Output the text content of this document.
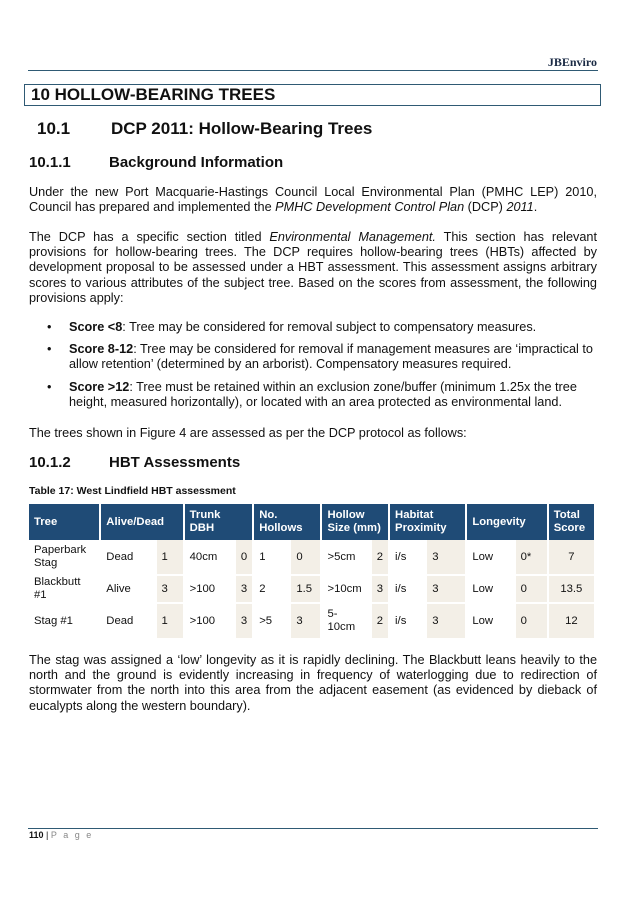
JBEnviro
10 HOLLOW-BEARING TREES
10.1 DCP 2011: Hollow-Bearing Trees
10.1.1	Background Information

Under the new Port Macquarie-Hastings Council Local Environmental Plan (PMHC LEP) 2010, Council has prepared and implemented the PMHC Development Control Plan (DCP) 2011.

The DCP has a specific section titled Environmental Management. This section has relevant provisions for hollow-bearing trees. The DCP requires hollow-bearing trees (HBTs) affected by development proposal to be assessed under a HBT assessment. This assessment assigns arbitrary scores to various attributes of the subject tree. Based on the scores from assessment, the following provisions apply:

• Score <8: Tree may be considered for removal subject to compensatory measures.
• Score 8-12: Tree may be considered for removal if management measures are ‘impractical to allow retention’ (determined by an arborist). Compensatory measures required.
• Score >12: Tree must be retained within an exclusion zone/buffer (minimum 1.25x the tree height, measured horizontally), or located with an area protected as environmental land.

The trees shown in Figure 4 are assessed as per the DCP protocol as follows:

10.1.2	HBT Assessments
Table 17: West Lindfield HBT assessment
Tree	Alive/Dead		Trunk DBH		No. Hollows		Hollow Size (mm)		Habitat Proximity		Longevity		Total Score
Paperbark Stag	Dead	1	40cm	0	1	0	>5cm	2	i/s	3	Low	0*	7
Blackbutt #1	Alive	3	>100	3	2	1.5	>10cm	3	i/s	3	Low	0	13.5
Stag #1	Dead	1	>100	3	>5	3	5-10cm	2	i/s	3	Low	0	12

The stag was assigned a ‘low’ longevity as it is rapidly declining. The Blackbutt leans heavily to the north and the ground is evidently increasing in frequency of waterlogging due to redirection of stormwater from the north into this area from the adjacent easement (as evidenced by dieback of eucalypts along the western boundary).

110 | P a g e
